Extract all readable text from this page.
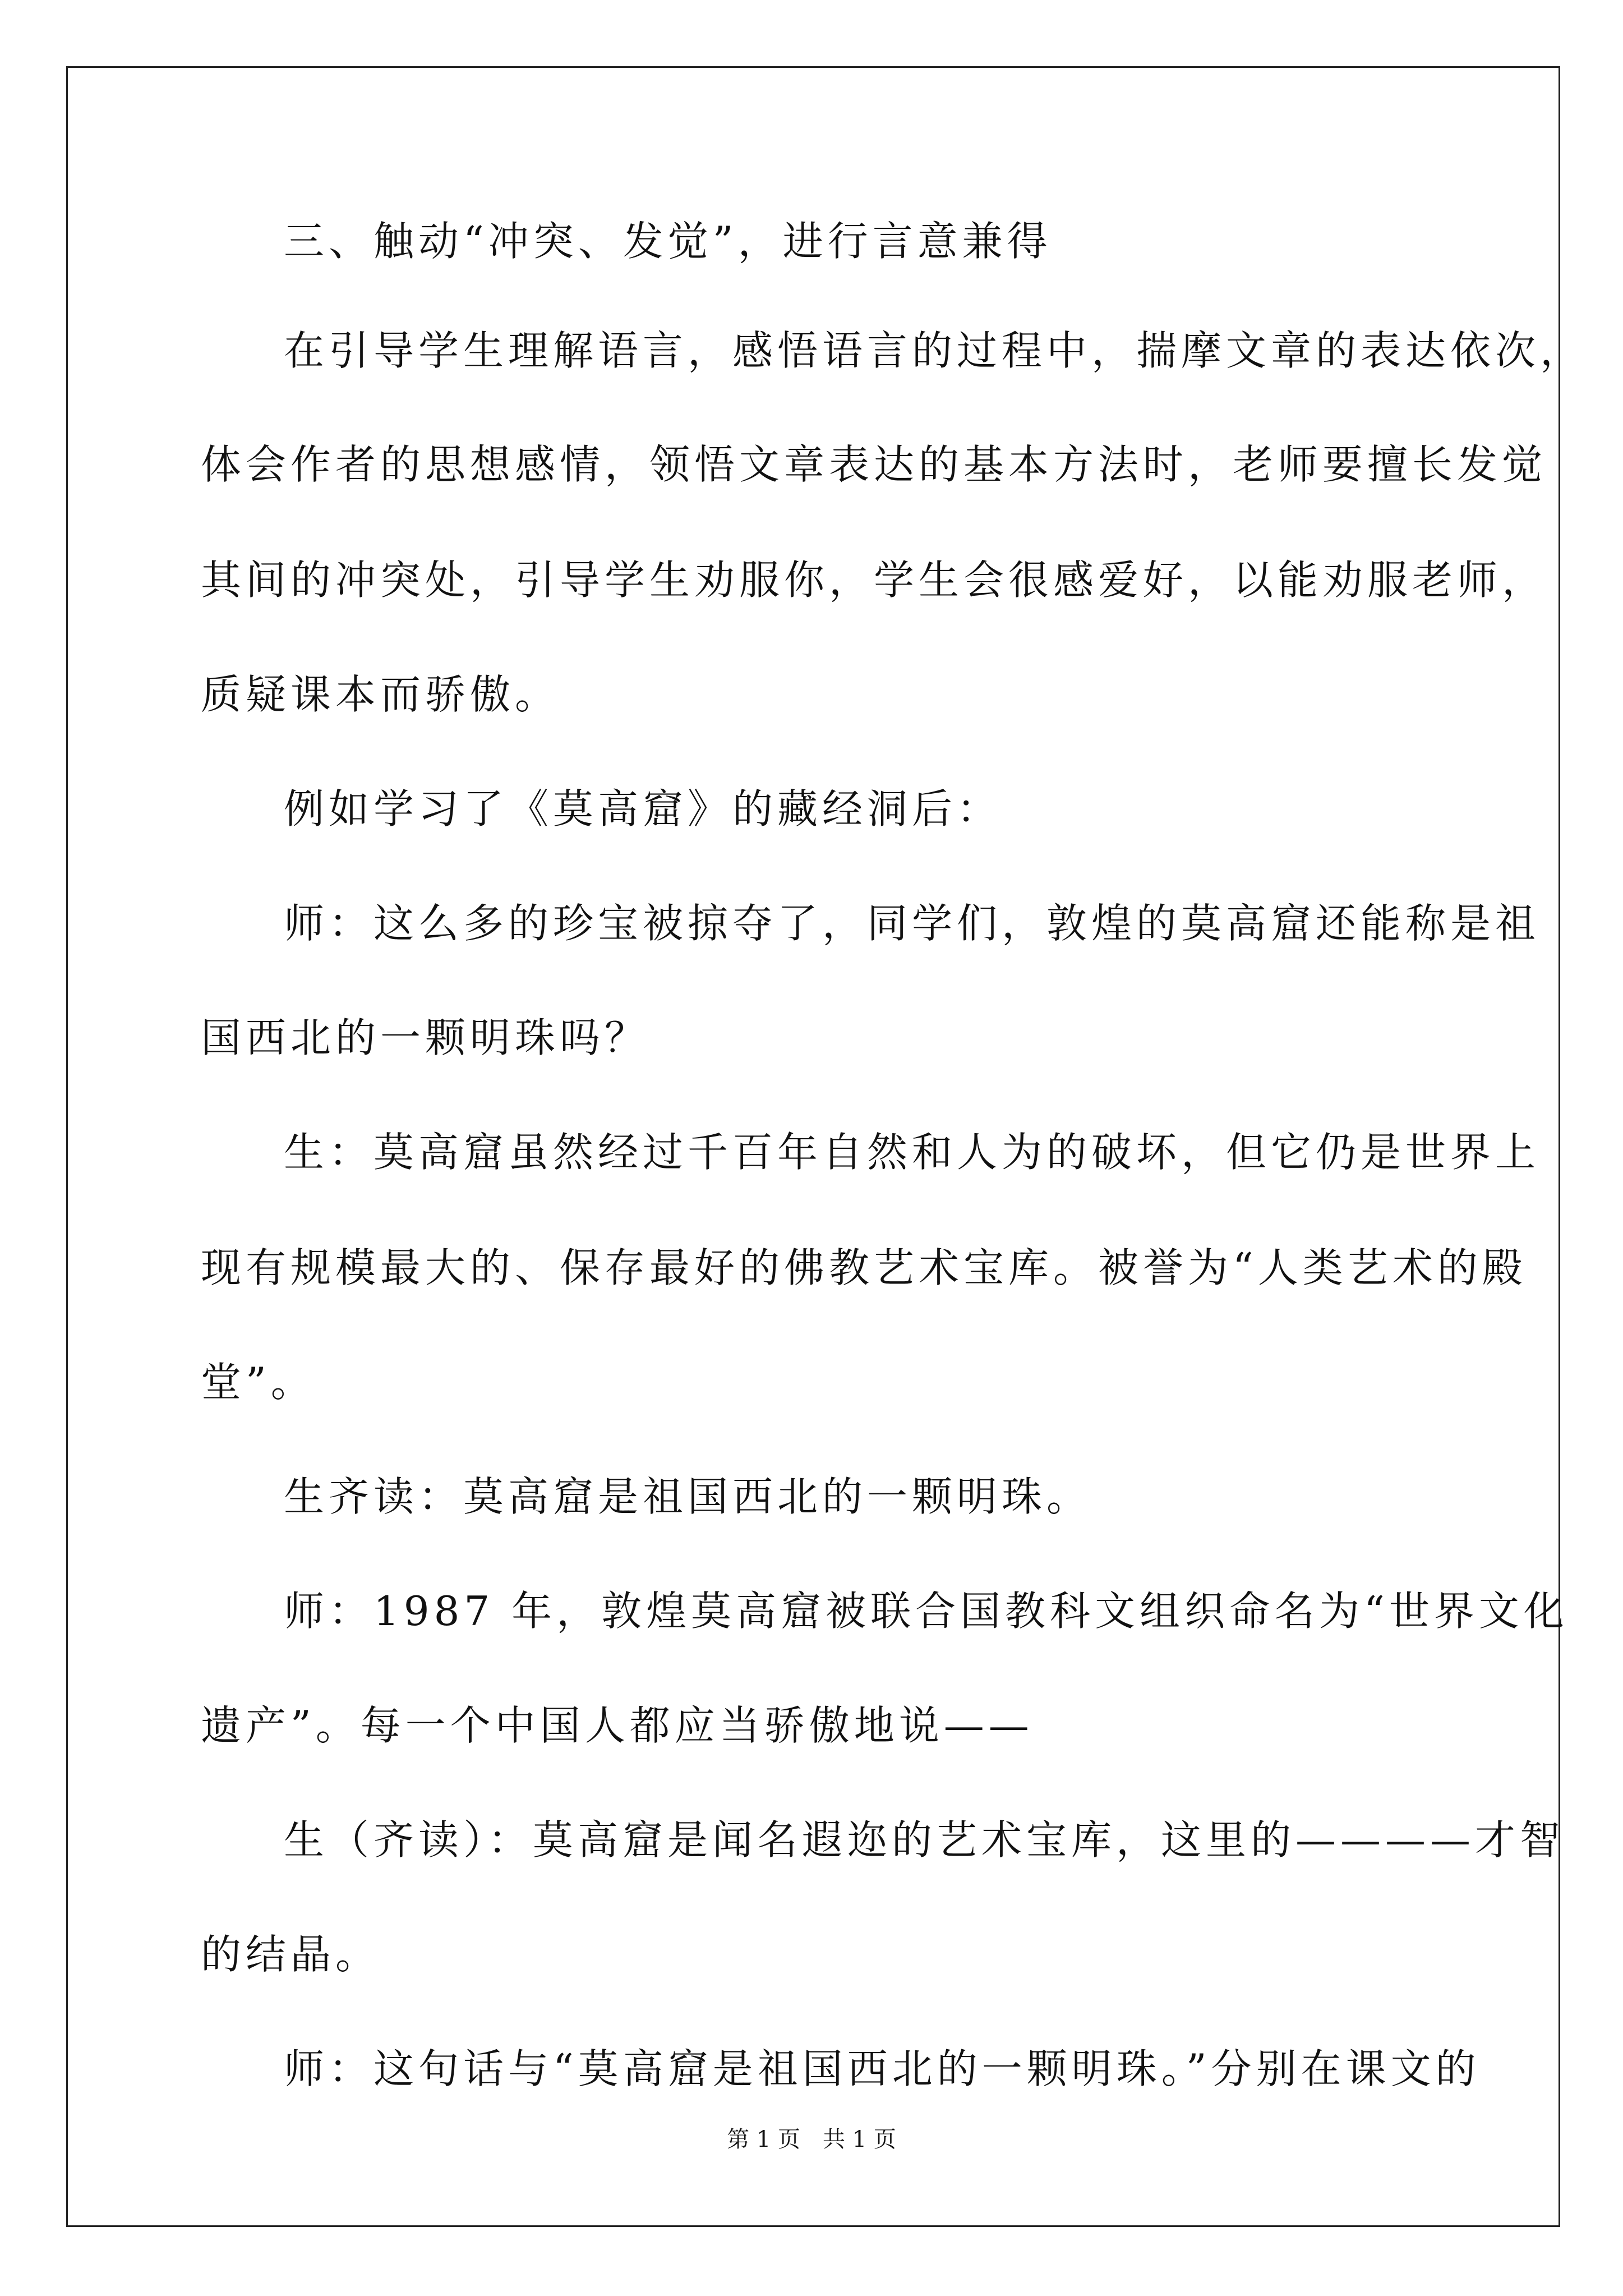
三、触动“冲突、发觉”，进行言意兼得
在引导学生理解语言，感悟语言的过程中，揣摩文章的表达依次，
体会作者的思想感情，领悟文章表达的基本方法时，老师要擅长发觉
其间的冲突处，引导学生劝服你，学生会很感爱好，以能劝服老师，
质疑课本而骄傲。
例如学习了《莫高窟》的藏经洞后：
师：这么多的珍宝被掠夺了，同学们，敦煌的莫高窟还能称是祖
国西北的一颗明珠吗？
生：莫高窟虽然经过千百年自然和人为的破坏，但它仍是世界上
现有规模最大的、保存最好的佛教艺术宝库。被誉为“人类艺术的殿
堂”。
生齐读：莫高窟是祖国西北的一颗明珠。
师：1987 年，敦煌莫高窟被联合国教科文组织命名为“世界文化
遗产”。每一个中国人都应当骄傲地说——
生（齐读）：莫高窟是闻名遐迩的艺术宝库，这里的————才智
的结晶。
师：这句话与“莫高窟是祖国西北的一颗明珠。”分别在课文的
第 1 页　共 1 页
